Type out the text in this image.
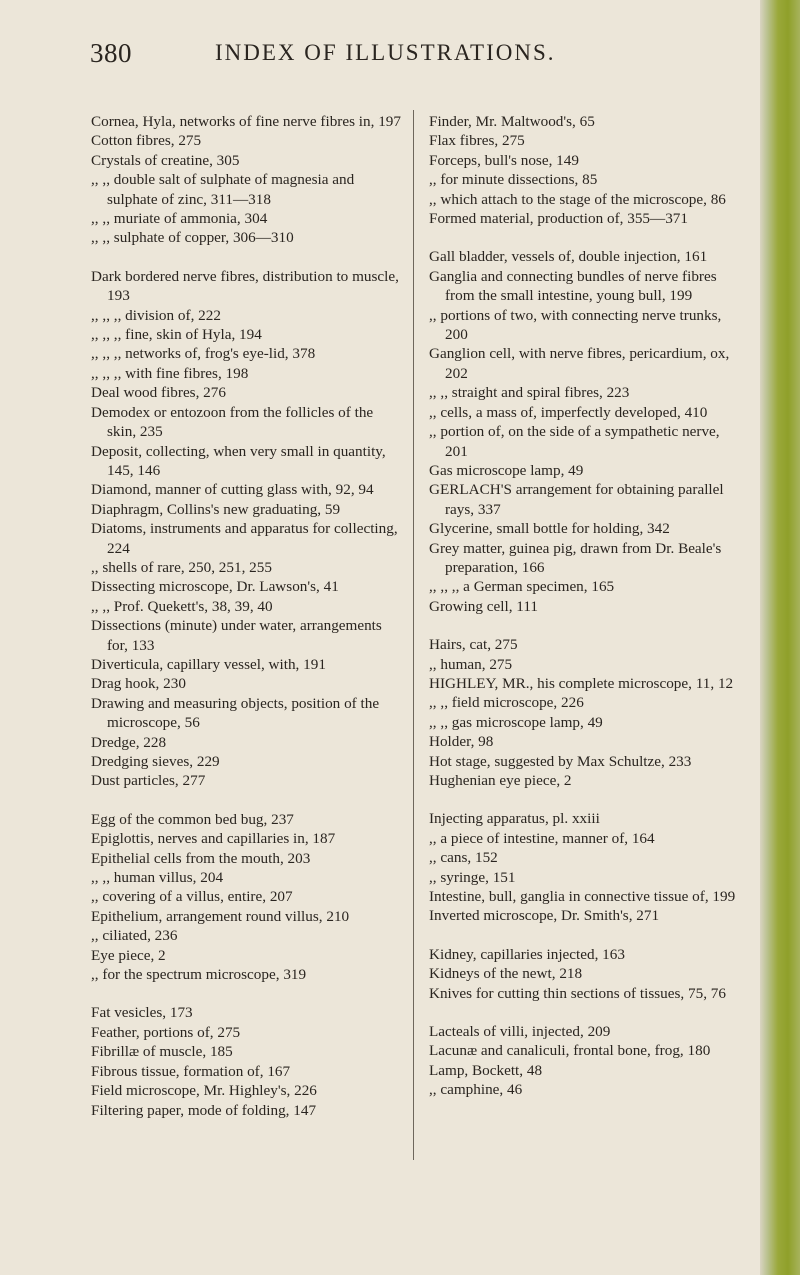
380	INDEX OF ILLUSTRATIONS.

Cornea, Hyla, networks of fine nerve fibres in, 197

Cotton fibres, 275

Crystals of creatine, 305

,, ,, double salt of sulphate of magnesia and sulphate of zinc, 311—318

,, ,, muriate of ammonia, 304

,, ,, sulphate of copper, 306—310

Dark bordered nerve fibres, distribution to muscle, 193

,, ,, ,, division of, 222

,, ,, ,, fine, skin of Hyla, 194

,, ,, ,, networks of, frog's eye-lid, 378

,, ,, ,, with fine fibres, 198

Deal wood fibres, 276

Demodex or entozoon from the follicles of the skin, 235

Deposit, collecting, when very small in quantity, 145, 146

Diamond, manner of cutting glass with, 92, 94

Diaphragm, Collins's new graduating, 59

Diatoms, instruments and apparatus for collecting, 224

,, shells of rare, 250, 251, 255

Dissecting microscope, Dr. Lawson's, 41

,, ,, Prof. Quekett's, 38, 39, 40

Dissections (minute) under water, arrangements for, 133

Diverticula, capillary vessel, with, 191

Drag hook, 230

Drawing and measuring objects, position of the microscope, 56

Dredge, 228

Dredging sieves, 229

Dust particles, 277

Egg of the common bed bug, 237

Epiglottis, nerves and capillaries in, 187

Epithelial cells from the mouth, 203

,, ,, human villus, 204

,, covering of a villus, entire, 207

Epithelium, arrangement round villus, 210

,, ciliated, 236

Eye piece, 2

,, for the spectrum microscope, 319

Fat vesicles, 173

Feather, portions of, 275

Fibrillæ of muscle, 185

Fibrous tissue, formation of, 167

Field microscope, Mr. Highley's, 226

Filtering paper, mode of folding, 147

Finder, Mr. Maltwood's, 65

Flax fibres, 275

Forceps, bull's nose, 149

,, for minute dissections, 85

,, which attach to the stage of the microscope, 86

Formed material, production of, 355—371

Gall bladder, vessels of, double injection, 161

Ganglia and connecting bundles of nerve fibres from the small intestine, young bull, 199

,, portions of two, with connecting nerve trunks, 200

Ganglion cell, with nerve fibres, pericardium, ox, 202

,, ,, straight and spiral fibres, 223

,, cells, a mass of, imperfectly developed, 410

,, portion of, on the side of a sympathetic nerve, 201

Gas microscope lamp, 49

GERLACH'S arrangement for obtaining parallel rays, 337

Glycerine, small bottle for holding, 342

Grey matter, guinea pig, drawn from Dr. Beale's preparation, 166

,, ,, ,, a German specimen, 165

Growing cell, 111

Hairs, cat, 275

,, human, 275

HIGHLEY, MR., his complete microscope, 11, 12

,, ,, field microscope, 226

,, ,, gas microscope lamp, 49

Holder, 98

Hot stage, suggested by Max Schultze, 233

Hughenian eye piece, 2

Injecting apparatus, pl. xxiii

,, a piece of intestine, manner of, 164

,, cans, 152

,, syringe, 151

Intestine, bull, ganglia in connective tissue of, 199

Inverted microscope, Dr. Smith's, 271

Kidney, capillaries injected, 163

Kidneys of the newt, 218

Knives for cutting thin sections of tissues, 75, 76

Lacteals of villi, injected, 209

Lacunæ and canaliculi, frontal bone, frog, 180

Lamp, Bockett, 48

,, camphine, 46
